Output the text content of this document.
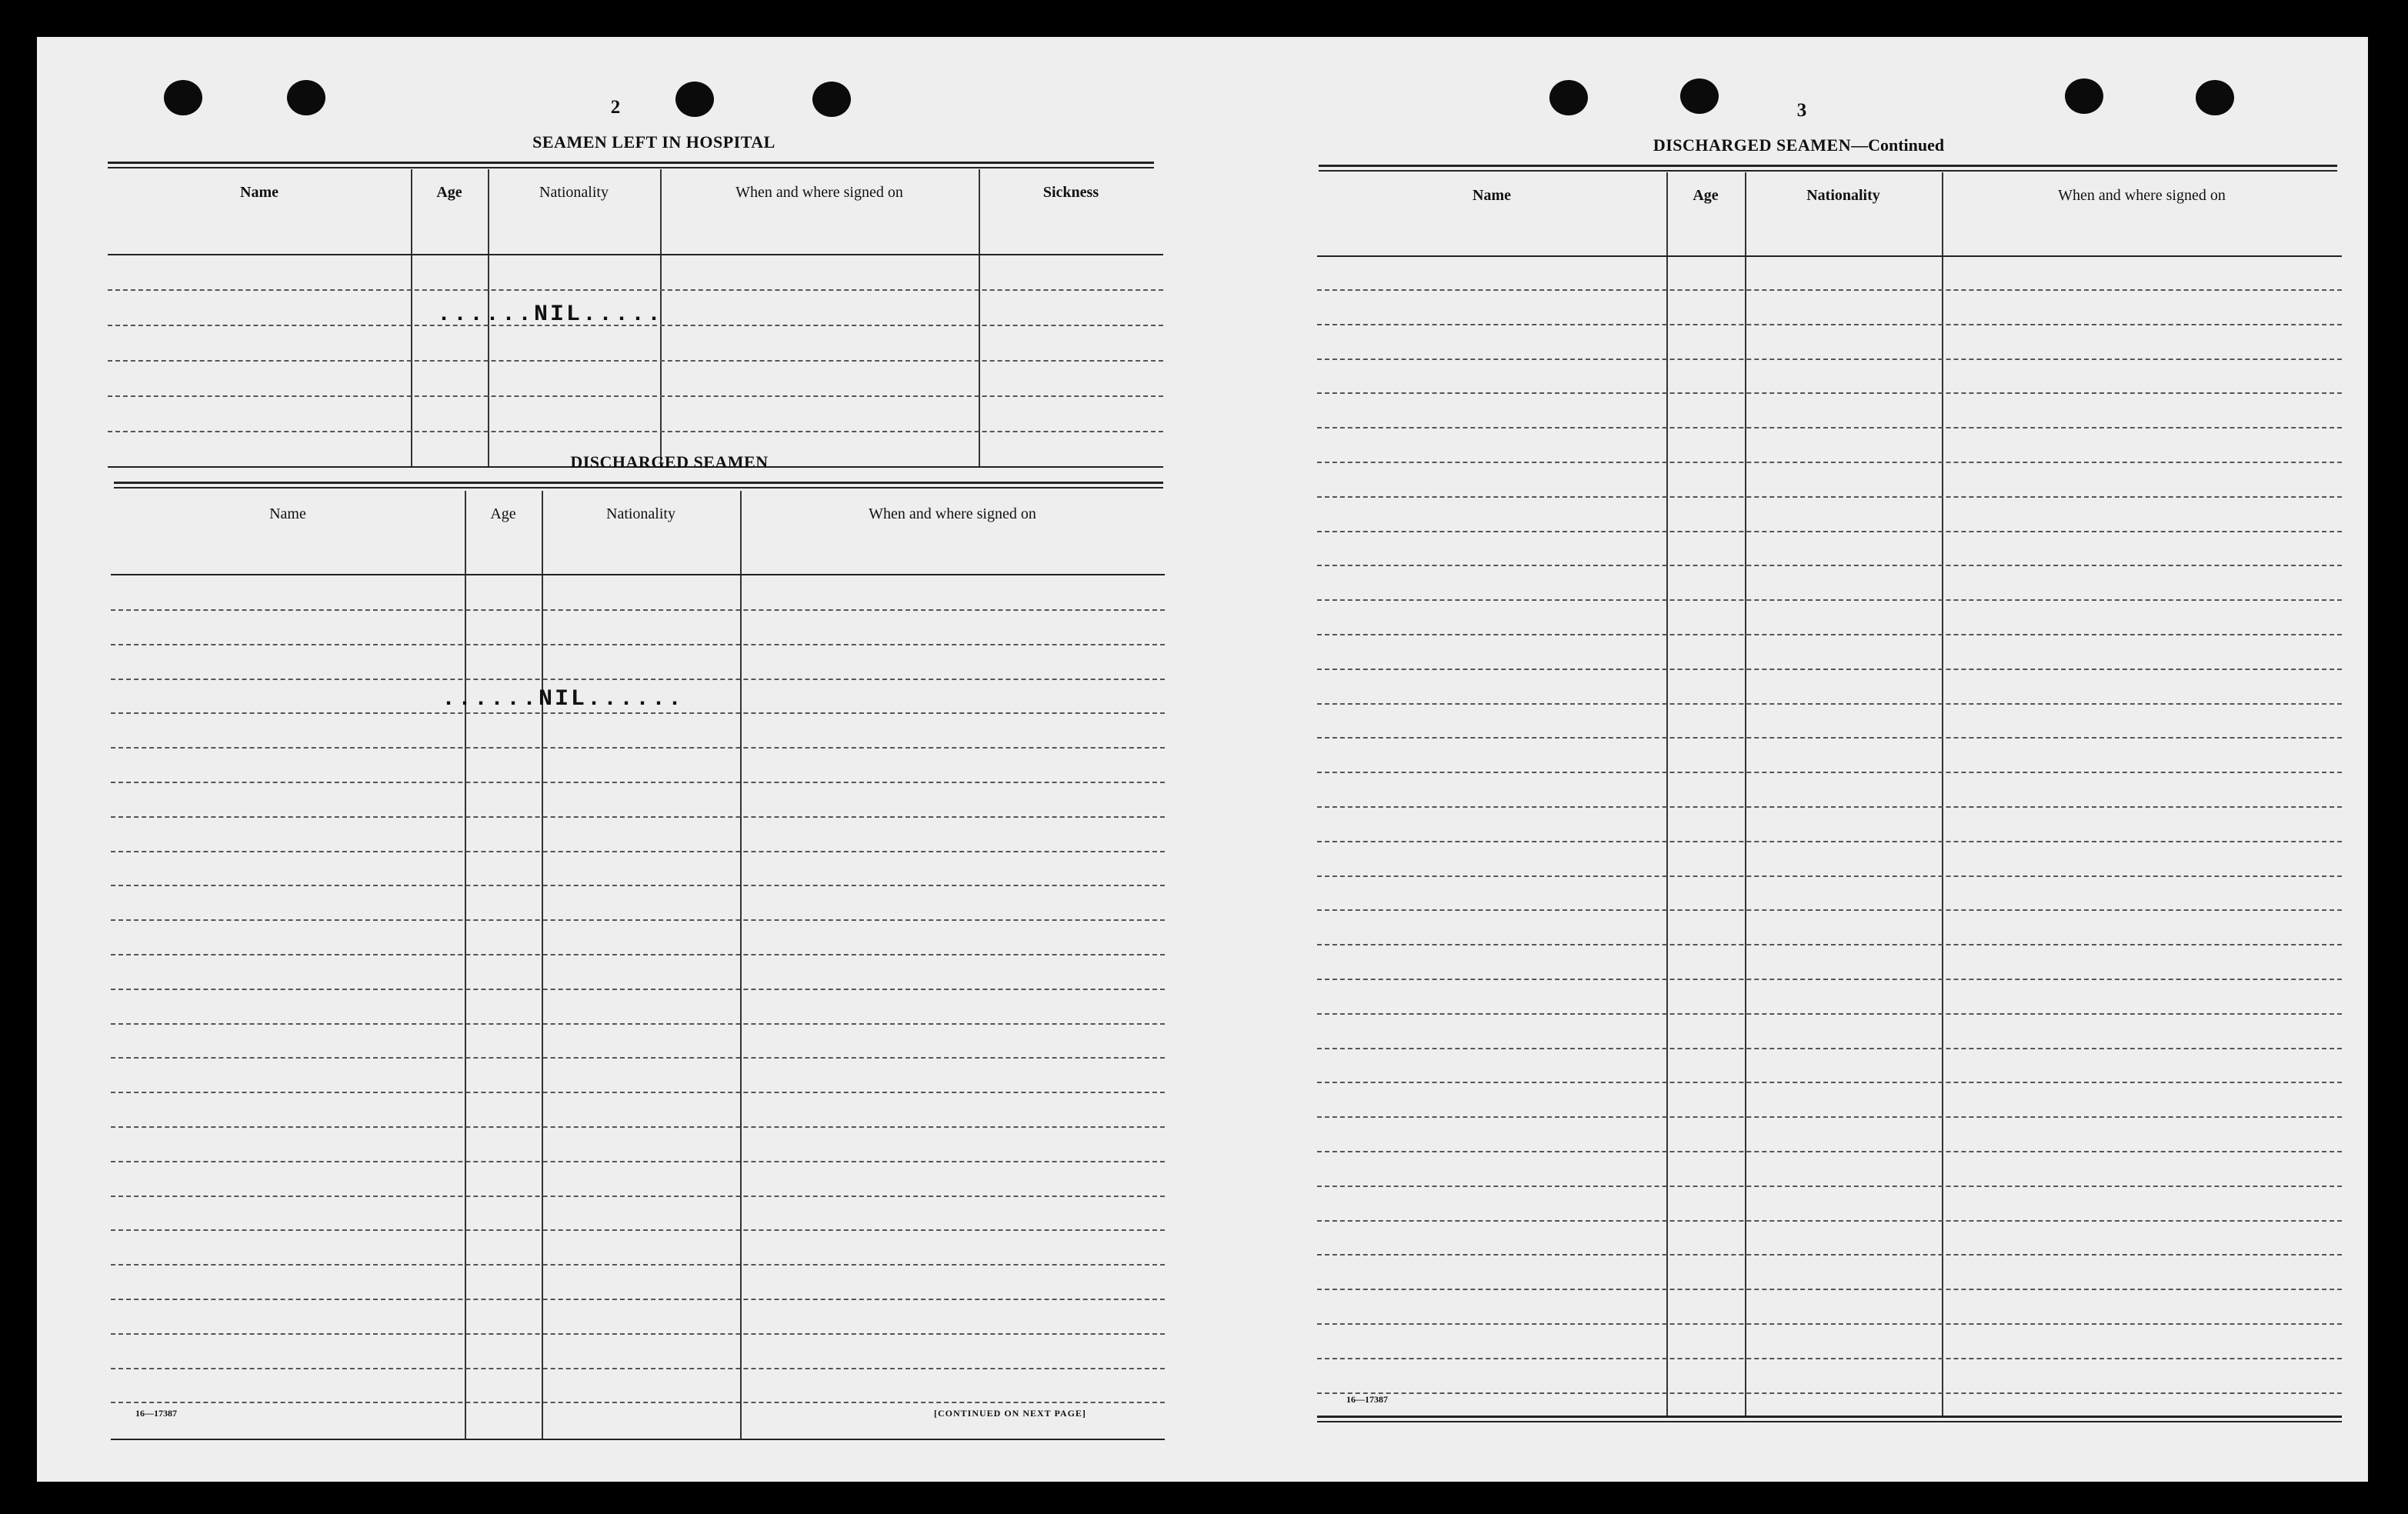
2
SEAMEN LEFT IN HOSPITAL
Name	Age	Nationality	When and where signed on	Sickness
......NIL.....
DISCHARGED SEAMEN
Name	Age	Nationality	When and where signed on
......NIL......
16—17387	[CONTINUED ON NEXT PAGE]
3
DISCHARGED SEAMEN—Continued
Name	Age	Nationality	When and where signed on
16—17387
